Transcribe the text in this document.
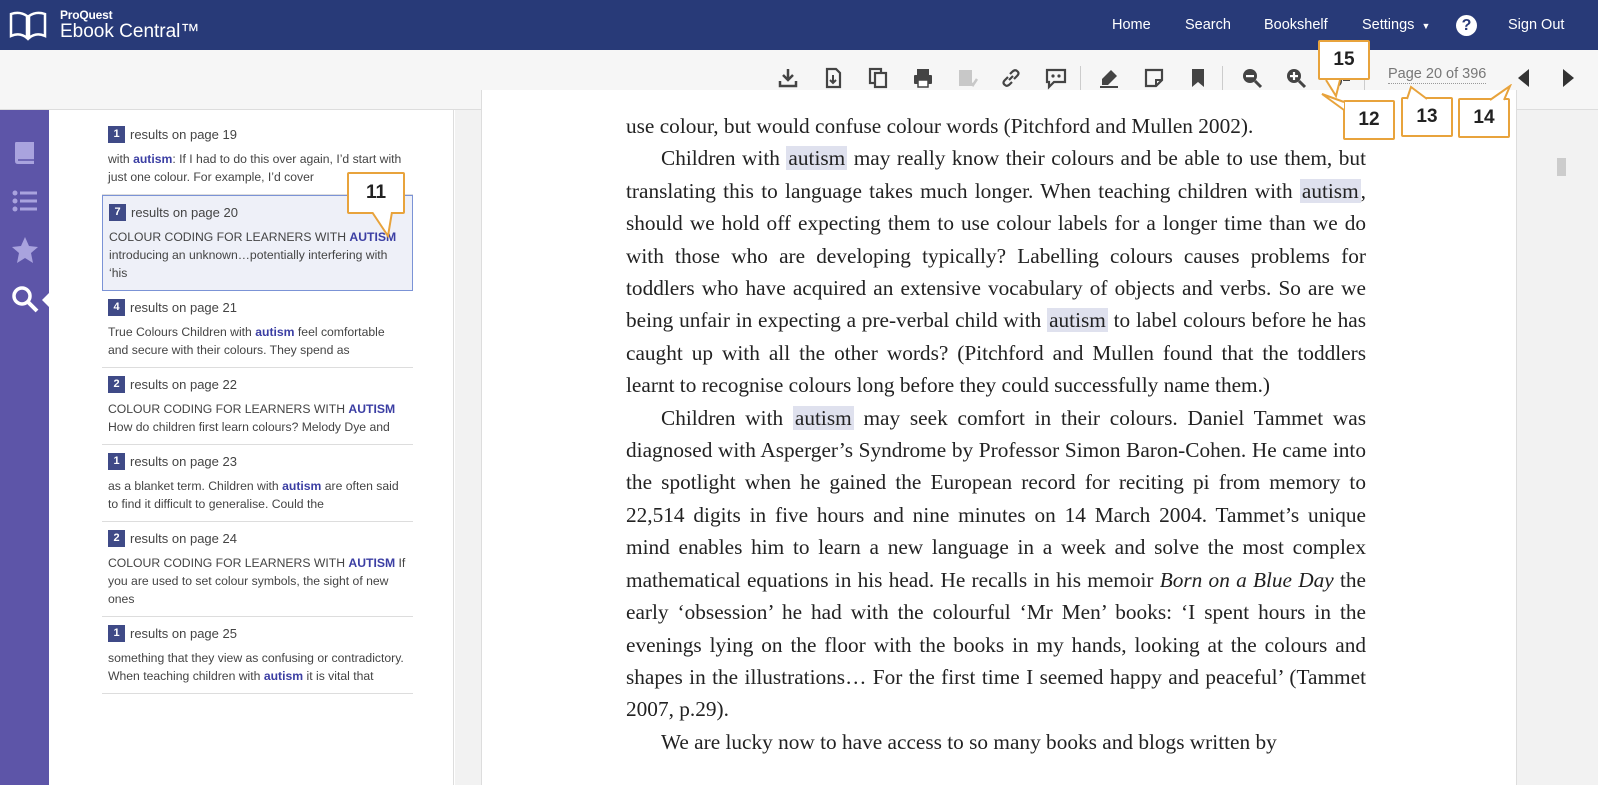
ProQuest
Ebook Central™	Home Search Bookshelf Settings ▼	?	Sign Out
Page 20 of 396
1 results on page 19
with autism: If I had to do this over again, I’d start with just one colour. For example, I’d cover
7 results on page 20
COLOUR CODING FOR LEARNERS WITH AUTISM introducing an unknown…potentially interfering with ‘his
4 results on page 21
True Colours Children with autism feel comfortable and secure with their colours. They spend as
2 results on page 22
COLOUR CODING FOR LEARNERS WITH AUTISM How do children first learn colours? Melody Dye and
1 results on page 23
as a blanket term. Children with autism are often said to find it difficult to generalise. Could the
2 results on page 24
COLOUR CODING FOR LEARNERS WITH AUTISM If you are used to set colour symbols, the sight of new ones
1 results on page 25
something that they view as confusing or contradictory. When teaching children with autism it is vital that

use colour, but would confuse colour words (Pitchford and Mullen 2002).

Children with autism may really know their colours and be able to use them, but translating this to language takes much longer. When teaching children with autism, should we hold off expecting them to use colour labels for a longer time than we do with those who are developing typically? Labelling colours causes problems for toddlers who have acquired an extensive vocabulary of objects and verbs. So are we being unfair in expecting a pre-verbal child with autism to label colours before he has caught up with all the other words? (Pitchford and Mullen found that the toddlers learnt to recognise colours long before they could successfully name them.)

Children with autism may seek comfort in their colours. Daniel Tammet was diagnosed with Asperger’s Syndrome by Professor Simon Baron-Cohen. He came into the spotlight when he gained the European record for reciting pi from memory to 22,514 digits in five hours and nine minutes on 14 March 2004. Tammet’s unique mind enables him to learn a new language in a week and solve the most complex mathematical equations in his head. He recalls in his memoir Born on a Blue Day the early ‘obsession’ he had with the colourful ‘Mr Men’ books: ‘I spent hours in the evenings lying on the floor with the books in my hands, looking at the colours and shapes in the illustrations… For the first time I seemed happy and peaceful’ (Tammet 2007, p.29).

We are lucky now to have access to so many books and blogs written by

11
12	13	14
15
